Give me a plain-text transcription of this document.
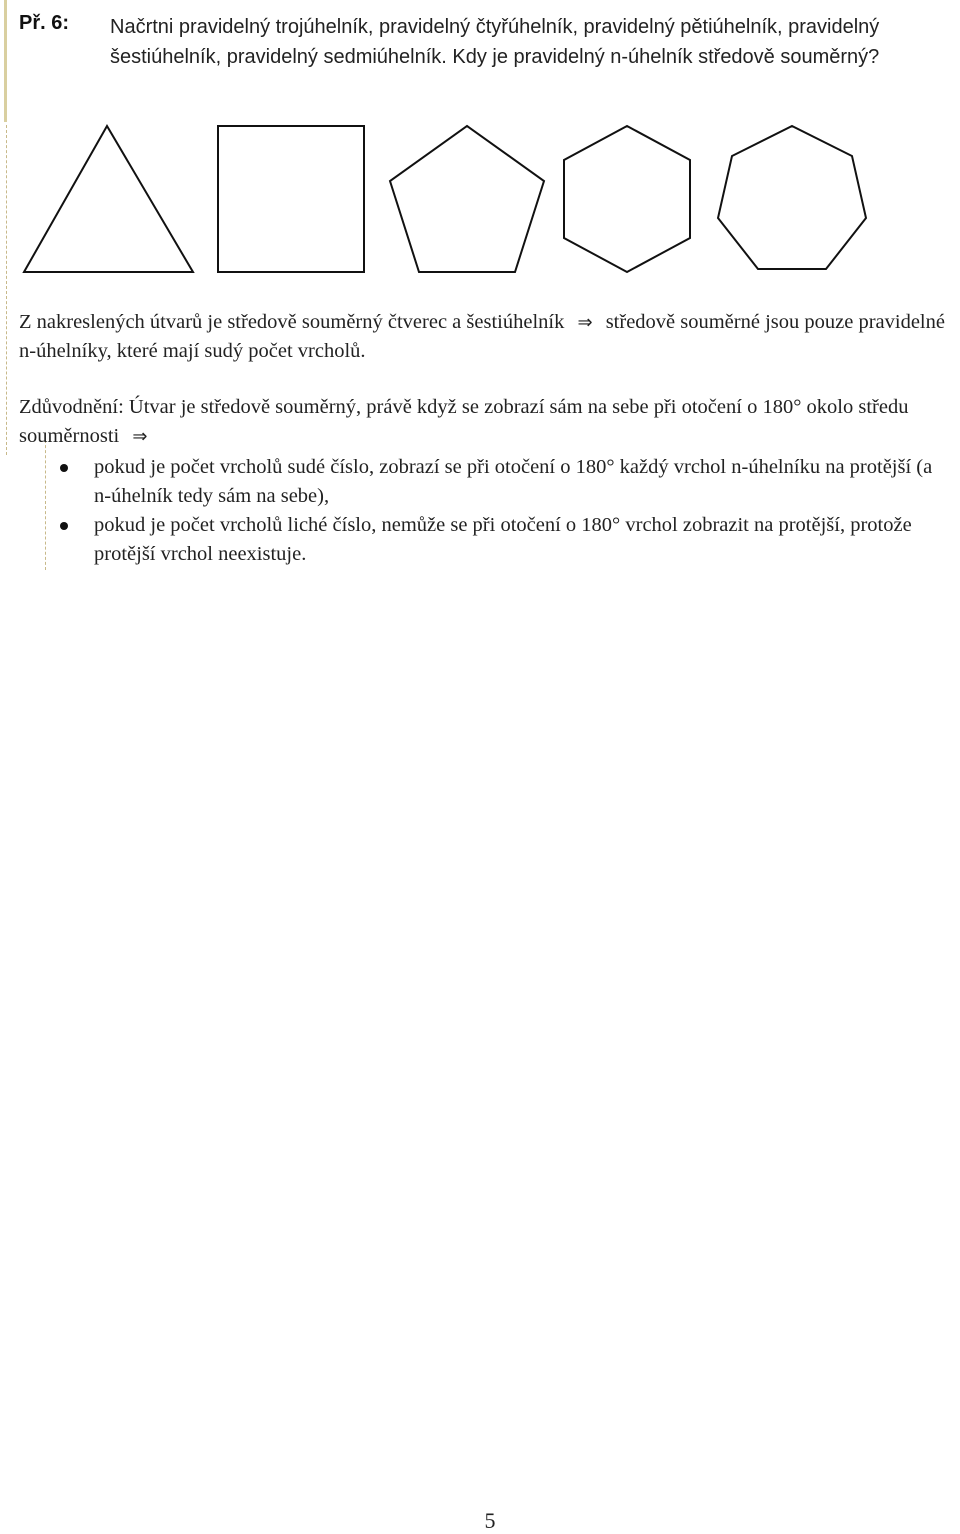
Př. 6: Načrtni pravidelný trojúhelník, pravidelný čtyřúhelník, pravidelný pětiúhelník, pravidelný šestiúhelník, pravidelný sedmiúhelník. Kdy je pravidelný n-úhelník středově souměrný?
Z nakreslených útvarů je středově souměrný čtverec a šestiúhelník ⇒ středově souměrné jsou pouze pravidelné n-úhelníky, které mají sudý počet vrcholů.
Zdůvodnění: Útvar je středově souměrný, právě když se zobrazí sám na sebe při otočení o 180° okolo středu souměrnosti ⇒
pokud je počet vrcholů sudé číslo, zobrazí se při otočení o 180° každý vrchol n-úhelníku na protější (a n-úhelník tedy sám na sebe),
pokud je počet vrcholů liché číslo, nemůže se při otočení o 180° vrchol zobrazit na protější, protože protější vrchol neexistuje.
5
